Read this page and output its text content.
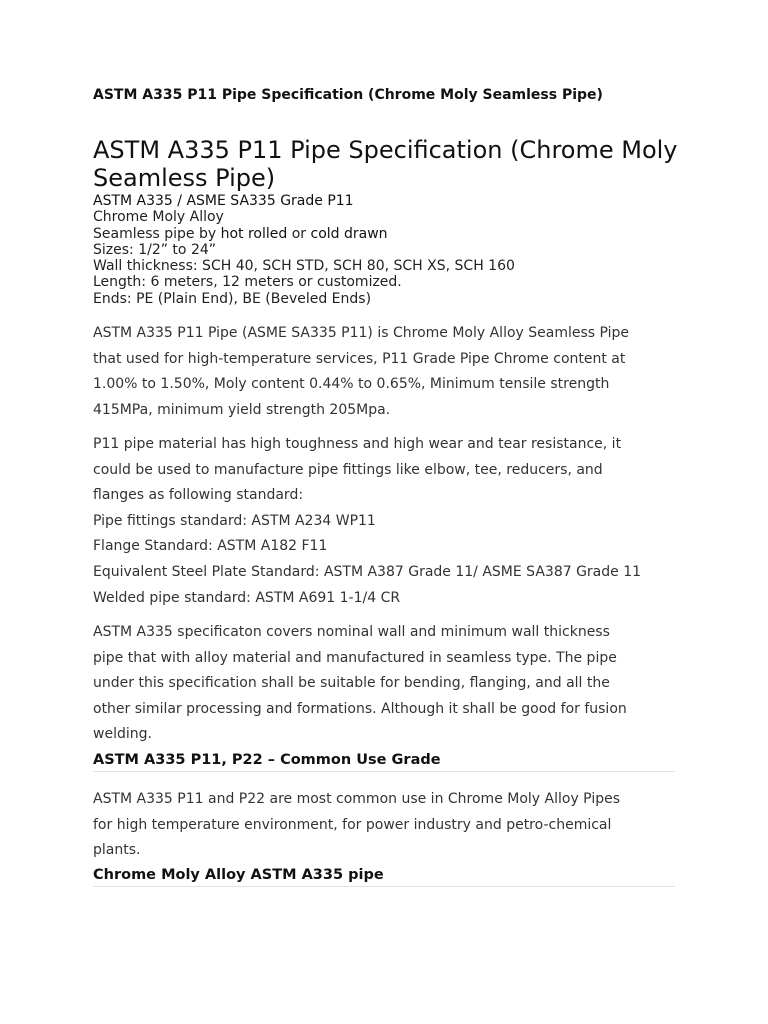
ASTM A335 P11 Pipe Specification (Chrome Moly Seamless Pipe)
ASTM A335 P11 Pipe Specification (Chrome Moly Seamless Pipe)
ASTM A335 / ASME SA335 Grade P11
Chrome Moly Alloy
Seamless pipe by hot rolled or cold drawn
Sizes: 1/2” to 24”
Wall thickness: SCH 40, SCH STD, SCH 80, SCH XS, SCH 160
Length: 6 meters, 12 meters or customized.
Ends: PE (Plain End), BE (Beveled Ends)
ASTM A335 P11 Pipe (ASME SA335 P11) is Chrome Moly Alloy Seamless Pipe
that used for high-temperature services, P11 Grade Pipe Chrome content at
1.00% to 1.50%, Moly content 0.44% to 0.65%, Minimum tensile strength
415MPa, minimum yield strength 205Mpa.
P11 pipe material has high toughness and high wear and tear resistance, it
could be used to manufacture pipe fittings like elbow, tee, reducers, and
flanges as following standard:
Pipe fittings standard: ASTM A234 WP11
Flange Standard: ASTM A182 F11
Equivalent Steel Plate Standard: ASTM A387 Grade 11/ ASME SA387 Grade 11
Welded pipe standard: ASTM A691 1-1/4 CR
ASTM A335 specificaton covers nominal wall and minimum wall thickness
pipe that with alloy material and manufactured in seamless type. The pipe
under this specification shall be suitable for bending, flanging, and all the
other similar processing and formations. Although it shall be good for fusion
welding.
ASTM A335 P11, P22 – Common Use Grade
ASTM A335 P11 and P22 are most common use in Chrome Moly Alloy Pipes
for high temperature environment, for power industry and petro-chemical
plants.
Chrome Moly Alloy ASTM A335 pipe
